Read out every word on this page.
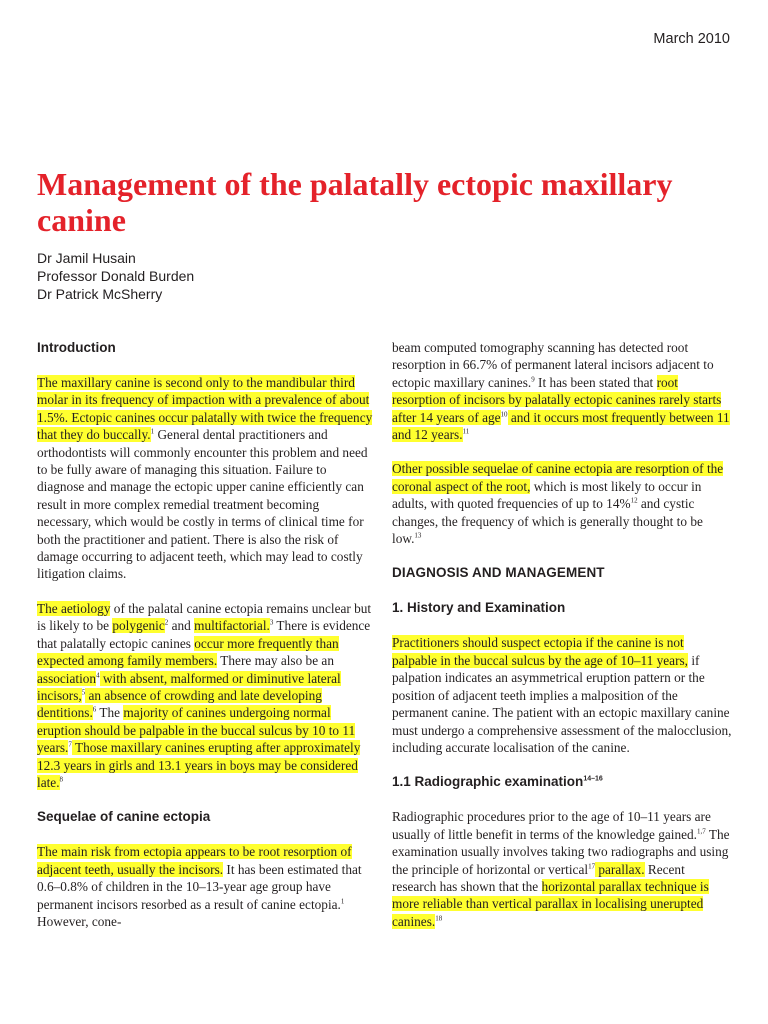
March 2010
Management of the palatally ectopic maxillary canine
Dr Jamil Husain
Professor Donald Burden
Dr Patrick McSherry
Introduction

The maxillary canine is second only to the mandibular third molar in its frequency of impaction with a prevalence of about 1.5%. Ectopic canines occur palatally with twice the frequency that they do buccally.$^1$ General dental practitioners and orthodontists will commonly encounter this problem and need to be fully aware of managing this situation. Failure to diagnose and manage the ectopic upper canine efficiently can result in more complex remedial treatment becoming necessary, which would be costly in terms of clinical time for both the practitioner and patient. There is also the risk of damage occurring to adjacent teeth, which may lead to costly litigation claims.

The aetiology of the palatal canine ectopia remains unclear but is likely to be polygenic$^2$ and multifactorial.$^3$ There is evidence that palatally ectopic canines occur more frequently than expected among family members. There may also be an association$^4$ with absent, malformed or diminutive lateral incisors,$^5$ an absence of crowding and late developing dentitions.$^6$ The majority of canines undergoing normal eruption should be palpable in the buccal sulcus by 10 to 11 years.$^7$ Those maxillary canines erupting after approximately 12.3 years in girls and 13.1 years in boys may be considered late.$^8$

Sequelae of canine ectopia

The main risk from ectopia appears to be root resorption of adjacent teeth, usually the incisors. It has been estimated that 0.6–0.8% of children in the 10–13-year age group have permanent incisors resorbed as a result of canine ectopia.$^1$ However, cone-

beam computed tomography scanning has detected root resorption in 66.7% of permanent lateral incisors adjacent to ectopic maxillary canines.$^9$ It has been stated that root resorption of incisors by palatally ectopic canines rarely starts after 14 years of age$^{10}$ and it occurs most frequently between 11 and 12 years.$^{11}$

Other possible sequelae of canine ectopia are resorption of the coronal aspect of the root, which is most likely to occur in adults, with quoted frequencies of up to 14%$^{12}$ and cystic changes, the frequency of which is generally thought to be low.$^{13}$

DIAGNOSIS AND MANAGEMENT
1. History and Examination

Practitioners should suspect ectopia if the canine is not palpable in the buccal sulcus by the age of 10–11 years, if palpation indicates an asymmetrical eruption pattern or the position of adjacent teeth implies a malposition of the permanent canine. The patient with an ectopic maxillary canine must undergo a comprehensive assessment of the malocclusion, including accurate localisation of the canine.

1.1 Radiographic examination$^{14-16}$

Radiographic procedures prior to the age of 10–11 years are usually of little benefit in terms of the knowledge gained.$^{1,7}$ The examination usually involves taking two radiographs and using the principle of horizontal or vertical$^{17}$ parallax. Recent research has shown that the horizontal parallax technique is more reliable than vertical parallax in localising unerupted canines.$^{18}$
